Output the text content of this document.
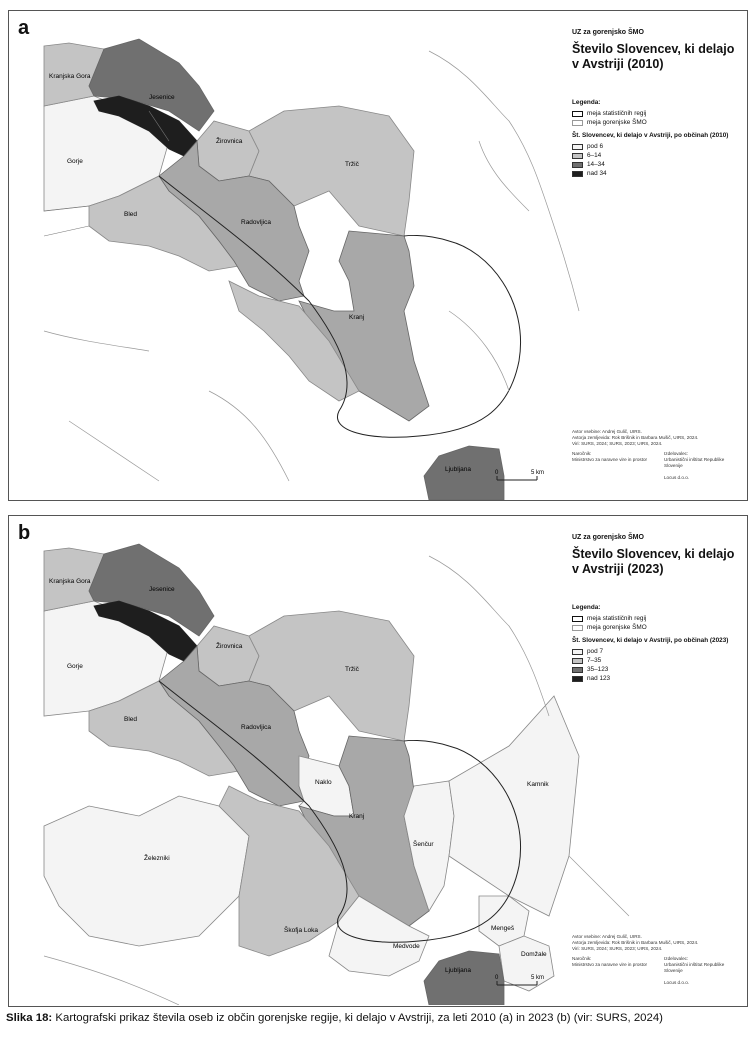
0	5 km
Kranjska Gora
Jesenice
Gorje
Žirovnica
Tržič
Bled
Radovljica
Kranj
Ljubljana
a	UZ za gorenjsko ŠMO
Število Slovencev, ki delajo v Avstriji (2010)
Legenda:
meja statističnih regij
meja gorenjske ŠMO
Št. Slovencev, ki delajo v Avstriji, po občinah (2010)
pod 6
6–14
14–34
nad 34
Avtor vsebine: Andrej Gulič, UIRS.
Avtorja zemljevida: Rok Brišnik in Barbara Mušič, UIRS, 2024.
Viri: SURS, 2024; SURS, 2023; UIRS, 2024.
Naročnik:
Ministrstvo za naravne vire in prostor
Izdelovalec:
Urbanistični inštitut Republike Slovenije
Locus d.o.o.
0	5 km
Kranjska Gora
Jesenice
Gorje
Žirovnica
Tržič
Bled
Radovljica
Naklo
Kranj
Kamnik
Šenčur
Železniki
Škofja Loka
Medvode
Mengeš
Domžale
Ljubljana
b	UZ za gorenjsko ŠMO
Število Slovencev, ki delajo v Avstriji (2023)
Legenda:
meja statističnih regij
meja gorenjske ŠMO
Št. Slovencev, ki delajo v Avstriji, po občinah (2023)
pod 7
7–35
35–123
nad 123
Avtor vsebine: Andrej Gulič, UIRS.
Avtorja zemljevida: Rok Brišnik in Barbara Mušič, UIRS, 2024.
Viri: SURS, 2024; SURS, 2023; UIRS, 2024.
Naročnik:
Ministrstvo za naravne vire in prostor
Izdelovalec:
Urbanistični inštitut Republike Slovenije
Locus d.o.o.
Slika 18: Kartografski prikaz števila oseb iz občin gorenjske regije, ki delajo v Avstriji, za leti 2010 (a) in 2023 (b) (vir: SURS, 2024)
